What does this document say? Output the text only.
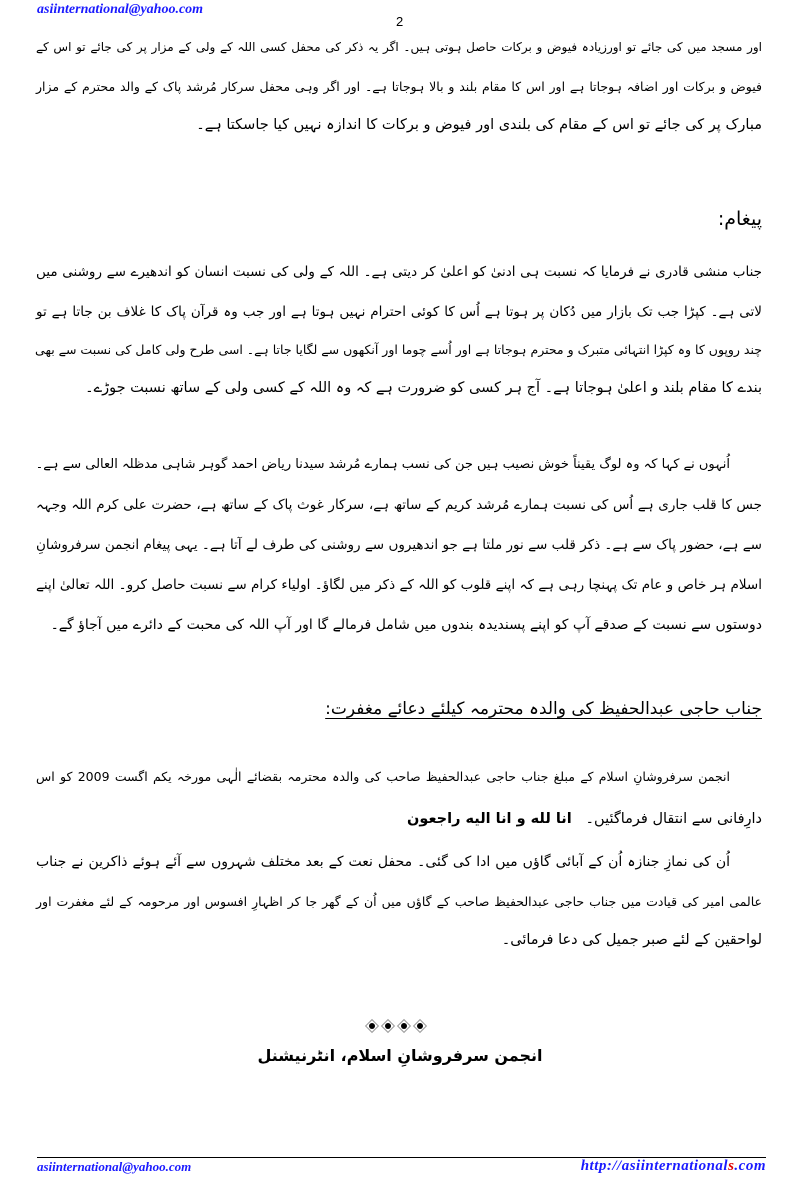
asiinternational@yahoo.com
2
اور مسجد میں کی جائے تو اورزیادہ فیوض و برکات حاصل ہوتی ہیں۔ اگر یہ ذکر کی محفل کسی اللہ کے ولی کے مزار پر کی جائے تو اس کے
فیوض و برکات اور اضافہ ہوجاتا ہے اور اس کا مقام بلند و بالا ہوجاتا ہے۔ اور اگر وہی محفل سرکار مُرشد پاک کے والد محترم کے مزار
مبارک پر کی جائے تو اس کے مقام کی بلندی اور فیوض و برکات کا اندازہ نہیں کیا جاسکتا ہے۔
پیغام:
جناب منشی قادری نے فرمایا کہ نسبت ہی ادنیٰ کو اعلیٰ کر دیتی ہے۔ اللہ کے ولی کی نسبت انسان کو اندھیرے سے روشنی میں
لاتی ہے۔ کپڑا جب تک بازار میں دُکان پر ہوتا ہے اُس کا کوئی احترام نہیں ہوتا ہے اور جب وہ قرآن پاک کا غلاف بن جاتا ہے تو
چند روپوں کا وہ کپڑا انتہائی متبرک و محترم ہوجاتا ہے اور اُسے چوما اور آنکھوں سے لگایا جاتا ہے۔ اسی طرح ولی کامل کی نسبت سے بھی
بندے کا مقام بلند و اعلیٰ ہوجاتا ہے۔ آج ہر کسی کو ضرورت ہے کہ وہ اللہ کے کسی ولی کے ساتھ نسبت جوڑے۔
اُنہوں نے کہا کہ وہ لوگ یقیناً خوش نصیب ہیں جن کی نسب ہمارے مُرشد سیدنا ریاض احمد گوہر شاہی مدظلہ العالی سے ہے۔
جس کا قلب جاری ہے اُس کی نسبت ہمارے مُرشد کریم کے ساتھ ہے، سرکار غوث پاک کے ساتھ ہے، حضرت علی کرم اللہ وجہہ
سے ہے، حضور پاک سے ہے۔ ذکر قلب سے نور ملتا ہے جو اندھیروں سے روشنی کی طرف لے آتا ہے۔ یہی پیغام انجمن سرفروشانِ
اسلام ہر خاص و عام تک پہنچا رہی ہے کہ اپنے قلوب کو اللہ کے ذکر میں لگاؤ۔ اولیاء کرام سے نسبت حاصل کرو۔ اللہ تعالیٰ اپنے
دوستوں سے نسبت کے صدقے آپ کو اپنے پسندیدہ بندوں میں شامل فرمالے گا اور آپ اللہ کی محبت کے دائرے میں آجاؤ گے۔
جناب حاجی عبدالحفیظ کی والدہ محترمہ کیلئے دعائے مغفرت:
انجمن سرفروشانِ اسلام کے مبلغ جناب حاجی عبدالحفیظ صاحب کی والدہ محترمہ بقضائے الٰہی مورخہ یکم اگست 2009 کو اس
دارِفانی سے انتقال فرماگئیں۔   انا لله و انا اليه راجعون
اُن کی نمازِ جنازہ اُن کے آبائی گاؤں میں ادا کی گئی۔ محفل نعت کے بعد مختلف شہروں سے آئے ہوئے ذاکرین نے جناب
عالمی امیر کی قیادت میں جناب حاجی عبدالحفیظ صاحب کے گاؤں میں اُن کے گھر جا کر اظہارِ افسوس اور مرحومہ کے لئے مغفرت اور
لواحقین کے لئے صبر جمیل کی دعا فرمائی۔
انجمن سرفروشانِ اسلام، انٹرنیشنل
asiinternational@yahoo.com	http://asiinternationals.com
